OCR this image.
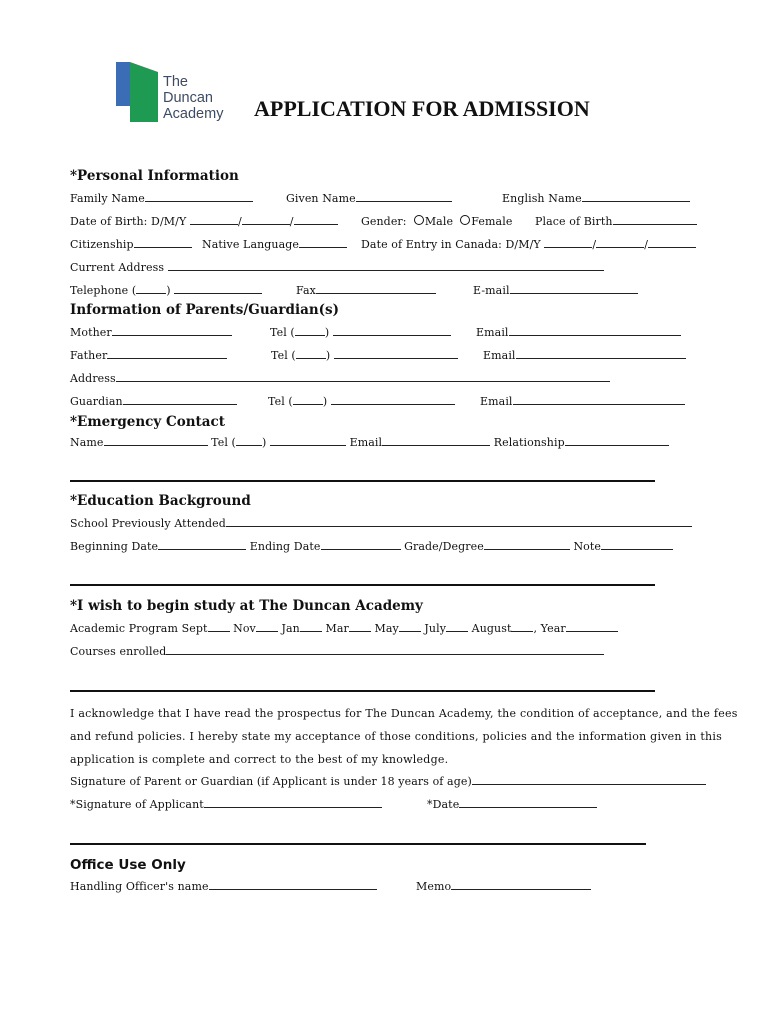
The
Duncan
Academy APPLICATION FOR ADMISSION
*Personal Information
Family Name	Given Name	English Name
Date of Birth: D/M/Y	/	/	Gender: Male Female Place of Birth
Citizenship	Native Language	Date of Entry in Canada: D/M/Y	/	/
Current Address
Telephone (	)	Fax	E-mail
Information of Parents/Guardian(s)
Mother	Tel (	)	Email
Father	Tel (	)	Email
Address
Guardian	Tel (	)	Email
*Emergency Contact
Name	Tel ( )	Email	Relationship
*Education Background
School Previously Attended
Beginning Date	Ending Date	Grade/Degree	Note
*I wish to begin study at The Duncan Academy
Academic Program Sept Nov Jan Mar May July August , Year
Courses enrolled
I acknowledge that I have read the prospectus for The Duncan Academy, the condition of acceptance, and the fees
and refund policies. I hereby state my acceptance of those conditions, policies and the information given in this
application is complete and correct to the best of my knowledge.
Signature of Parent or Guardian (if Applicant is under 18 years of age)
*Signature of Applicant	*Date
Office Use Only
Handling Officer's name	Memo
